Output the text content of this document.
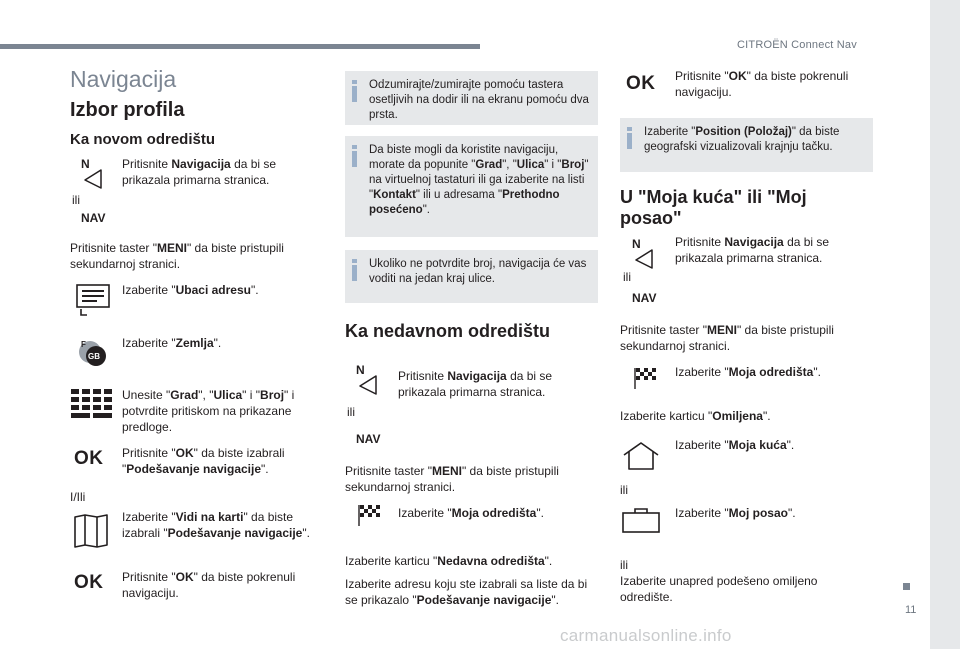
CITROËN Connect Nav
11
carmanualsonline.info
Navigacija
Izbor profila
Ka novom odredištu
N
ili
NAV
Pritisnite Navigacija da bi se prikazala primarna stranica.
Pritisnite taster "MENI" da biste pristupili sekundarnoj stranici.
Izaberite "Ubaci adresu".
F
GB
Izaberite "Zemlja".
Unesite "Grad", "Ulica" i "Broj" i potvrdite pritiskom na prikazane predloge.
OK Pritisnite "OK" da biste izabrali "Podešavanje navigacije".
I/Ili
Izaberite "Vidi na karti" da biste izabrali "Podešavanje navigacije".
OK Pritisnite "OK" da biste pokrenuli navigaciju.
Odzumirajte/zumirajte pomoću tastera osetljivih na dodir ili na ekranu pomoću dva prsta.
Da biste mogli da koristite navigaciju, morate da popunite "Grad", "Ulica" i "Broj" na virtuelnoj tastaturi ili ga izaberite na listi "Kontakt" ili u adresama "Prethodno posećeno".
Ukoliko ne potvrdite broj, navigacija će vas voditi na jedan kraj ulice.
Ka nedavnom odredištu
N
ili
NAV
Pritisnite Navigacija da bi se prikazala primarna stranica.
Pritisnite taster "MENI" da biste pristupili sekundarnoj stranici.
Izaberite "Moja odredišta".
Izaberite karticu "Nedavna odredišta".
Izaberite adresu koju ste izabrali sa liste da bi se prikazalo "Podešavanje navigacije".
OK Pritisnite "OK" da biste pokrenuli navigaciju.
Izaberite "Position (Položaj)" da biste geografski vizualizovali krajnju tačku.
U "Moja kuća" ili "Moj posao"
N
ili
NAV
Pritisnite Navigacija da bi se prikazala primarna stranica.
Pritisnite taster "MENI" da biste pristupili sekundarnoj stranici.
Izaberite "Moja odredišta".
Izaberite karticu "Omiljena".
Izaberite "Moja kuća".
ili
Izaberite "Moj posao".
ili
Izaberite unapred podešeno omiljeno odredište.
